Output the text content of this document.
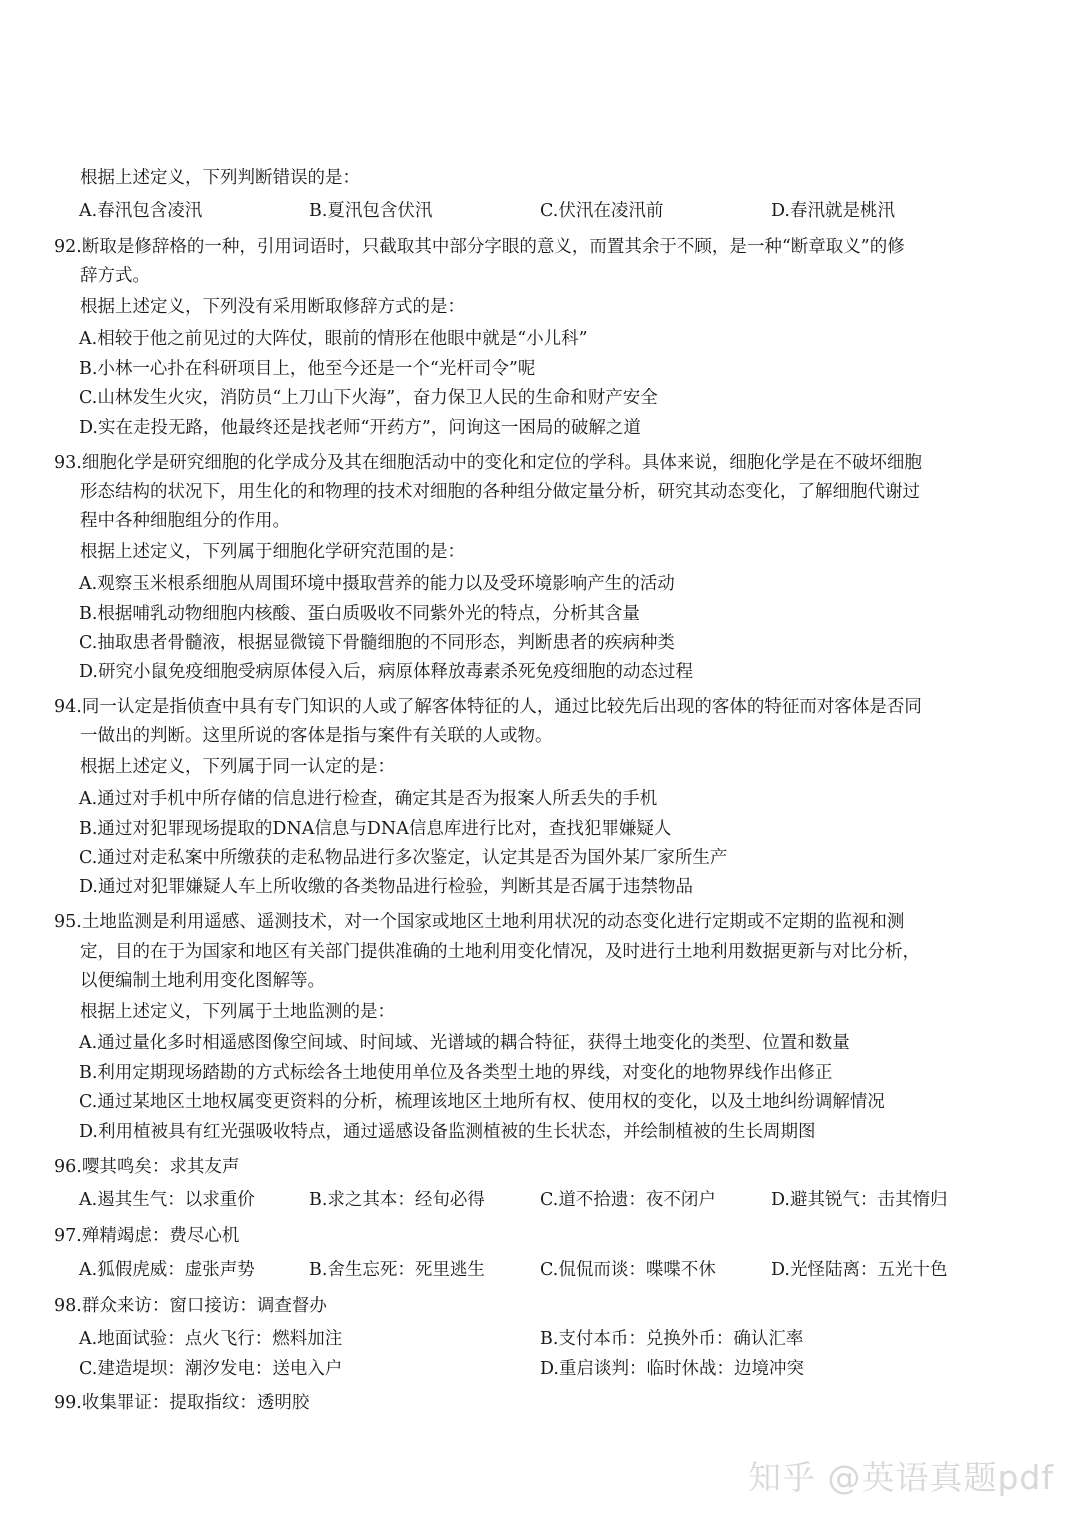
根据上述定义，下列判断错误的是：
A.春汛包含凌汛	B.夏汛包含伏汛	C.伏汛在凌汛前	D.春汛就是桃汛
92.断取是修辞格的一种，引用词语时，只截取其中部分字眼的意义，而置其余于不顾，是一种“断章取义”的修
辞方式。
根据上述定义，下列没有采用断取修辞方式的是：
A.相较于他之前见过的大阵仗，眼前的情形在他眼中就是“小儿科”
B.小林一心扑在科研项目上，他至今还是一个“光杆司令”呢
C.山林发生火灾，消防员“上刀山下火海”，奋力保卫人民的生命和财产安全
D.实在走投无路，他最终还是找老师“开药方”，问询这一困局的破解之道
93.细胞化学是研究细胞的化学成分及其在细胞活动中的变化和定位的学科。具体来说，细胞化学是在不破坏细胞
形态结构的状况下，用生化的和物理的技术对细胞的各种组分做定量分析，研究其动态变化，了解细胞代谢过
程中各种细胞组分的作用。
根据上述定义，下列属于细胞化学研究范围的是：
A.观察玉米根系细胞从周围环境中摄取营养的能力以及受环境影响产生的活动
B.根据哺乳动物细胞内核酸、蛋白质吸收不同紫外光的特点，分析其含量
C.抽取患者骨髓液，根据显微镜下骨髓细胞的不同形态，判断患者的疾病种类
D.研究小鼠免疫细胞受病原体侵入后，病原体释放毒素杀死免疫细胞的动态过程
94.同一认定是指侦查中具有专门知识的人或了解客体特征的人，通过比较先后出现的客体的特征而对客体是否同
一做出的判断。这里所说的客体是指与案件有关联的人或物。
根据上述定义，下列属于同一认定的是：
A.通过对手机中所存储的信息进行检查，确定其是否为报案人所丢失的手机
B.通过对犯罪现场提取的DNA信息与DNA信息库进行比对，查找犯罪嫌疑人
C.通过对走私案中所缴获的走私物品进行多次鉴定，认定其是否为国外某厂家所生产
D.通过对犯罪嫌疑人车上所收缴的各类物品进行检验，判断其是否属于违禁物品
95.土地监测是利用遥感、遥测技术，对一个国家或地区土地利用状况的动态变化进行定期或不定期的监视和测
定，目的在于为国家和地区有关部门提供准确的土地利用变化情况，及时进行土地利用数据更新与对比分析，
以便编制土地利用变化图解等。
根据上述定义，下列属于土地监测的是：
A.通过量化多时相遥感图像空间域、时间域、光谱域的耦合特征，获得土地变化的类型、位置和数量
B.利用定期现场踏勘的方式标绘各土地使用单位及各类型土地的界线，对变化的地物界线作出修正
C.通过某地区土地权属变更资料的分析，梳理该地区土地所有权、使用权的变化，以及土地纠纷调解情况
D.利用植被具有红光强吸收特点，通过遥感设备监测植被的生长状态，并绘制植被的生长周期图
96.嘤其鸣矣：求其友声
A.遏其生气：以求重价	B.求之其本：经旬必得	C.道不拾遗：夜不闭户	D.避其锐气：击其惰归
97.殚精竭虑：费尽心机
A.狐假虎威：虚张声势	B.舍生忘死：死里逃生	C.侃侃而谈：喋喋不休	D.光怪陆离：五光十色
98.群众来访：窗口接访：调查督办
A.地面试验：点火飞行：燃料加注	B.支付本币：兑换外币：确认汇率
C.建造堤坝：潮汐发电：送电入户	D.重启谈判：临时休战：边境冲突
99.收集罪证：提取指纹：透明胶
知乎 @英语真题pdf
